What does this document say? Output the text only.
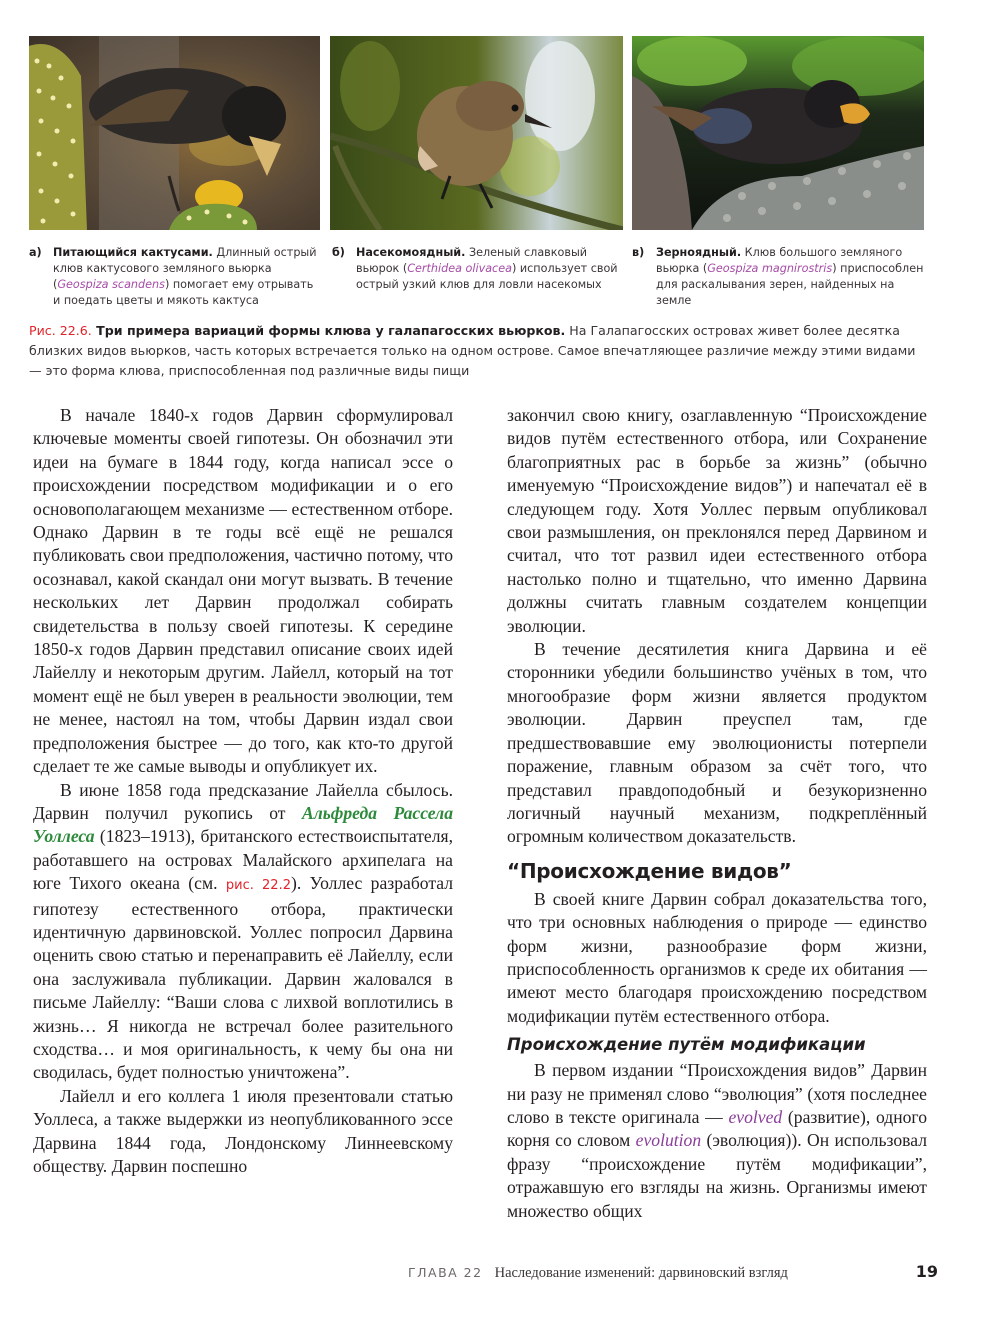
а) Питающийся кактусами. Длинный острый клюв кактусового земляного вьюрка (Geospiza scandens) помогает ему отрывать и поедать цветы и мякоть кактуса
б) Насекомоядный. Зеленый славковый вьюрок (Certhidea olivacea) использует свой острый узкий клюв для ловли насекомых
в) Зерноядный. Клюв большого земляного вьюрка (Geospiza magnirostris) приспособлен для раскалывания зерен, найденных на земле
Рис. 22.6. Три примера вариаций формы клюва у галапагосских вьюрков. На Галапагосских островах живет более десятка близких видов вьюрков, часть которых встречается только на одном острове. Самое впечатляющее различие между этими видами — это форма клюва, приспособленная под различные виды пищи

В начале 1840-х годов Дарвин сформулировал ключевые моменты своей гипотезы. Он обозначил эти идеи на бумаге в 1844 году, когда написал эссе о происхождении посредством модификации и о его основополагающем механизме — естественном отборе. Однако Дарвин в те годы всё ещё не решался публиковать свои предположения, частично потому, что осознавал, какой скандал они могут вызвать. В течение нескольких лет Дарвин продолжал собирать свидетельства в пользу своей гипотезы. К середине 1850-х годов Дарвин представил описание своих идей Лайеллу и некоторым другим. Лайелл, который на тот момент ещё не был уверен в реальности эволюции, тем не менее, настоял на том, чтобы Дарвин издал свои предположения быстрее — до того, как кто-то другой сделает те же самые выводы и опубликует их.

В июне 1858 года предсказание Лайелла сбылось. Дарвин получил рукопись от Альфреда Рассела Уоллеса (1823–1913), британского естествоиспытателя, работавшего на островах Малайского архипелага на юге Тихого океана (см. рис. 22.2). Уоллес разработал гипотезу естественного отбора, практически идентичную дарвиновской. Уоллес попросил Дарвина оценить свою статью и перенаправить её Лайеллу, если она заслуживала публикации. Дарвин жаловался в письме Лайеллу: “Ваши слова с лихвой воплотились в жизнь… Я никогда не встречал более разительного сходства… и моя оригинальность, к чему бы она ни сводилась, будет полностью уничтожена”.

Лайелл и его коллега 1 июля презентовали статью Уоллеса, а также выдержки из неопубликованного эссе Дарвина 1844 года, Лондонскому Линнеевскому обществу. Дарвин поспешно

закончил свою книгу, озаглавленную “Происхождение видов путём естественного отбора, или Сохранение благоприятных рас в борьбе за жизнь” (обычно именуемую “Происхождение видов”) и напечатал её в следующем году. Хотя Уоллес первым опубликовал свои размышления, он преклонялся перед Дарвином и считал, что тот развил идеи естественного отбора настолько полно и тщательно, что именно Дарвина должны считать главным создателем концепции эволюции.

В течение десятилетия книга Дарвина и её сторонники убедили большинство учёных в том, что многообразие форм жизни является продуктом эволюции. Дарвин преуспел там, где предшествовавшие ему эволюционисты потерпели поражение, главным образом за счёт того, что представил правдоподобный и безукоризненно логичный научный механизм, подкреплённый огромным количеством доказательств.

“Происхождение видов”

В своей книге Дарвин собрал доказательства того, что три основных наблюдения о природе — единство форм жизни, разнообразие форм жизни, приспособленность организмов к среде их обитания — имеют место благодаря происхождению посредством модификации путём естественного отбора.

Происхождение путём модификации

В первом издании “Происхождения видов” Дарвин ни разу не применял слово “эволюция” (хотя последнее слово в тексте оригинала — evolved (развитие), одного корня со словом evolution (эволюция)). Он использовал фразу “происхождение путём модификации”, отражавшую его взгляды на жизнь. Организмы имеют множество общих

ГЛАВА 22 Наследование изменений: дарвиновский взгляд	19
